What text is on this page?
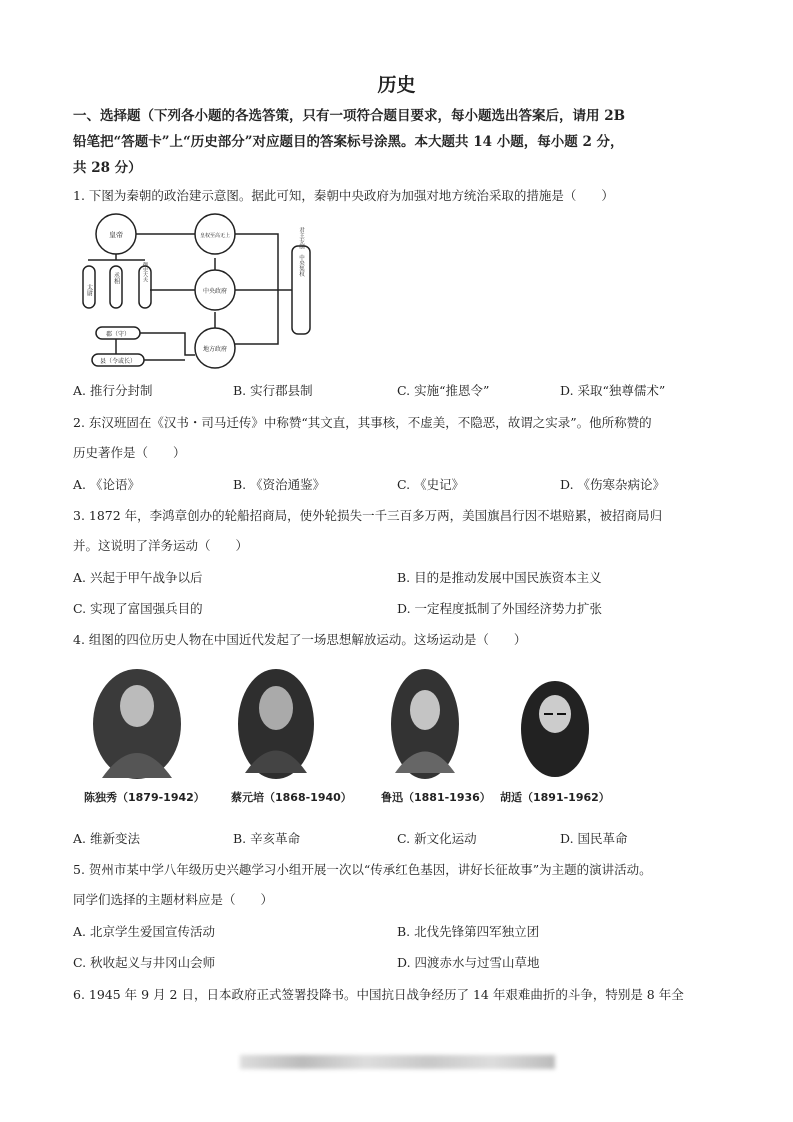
历史
一、选择题（下列各小题的各选答策，只有一项符合题目要求，每小题选出答案后，请用 2B
铅笔把“答题卡”上“历史部分”对应题目的答案标号涂黑。本大题共 14 小题，每小题 2 分，
共 28 分）
1. 下图为秦朝的政治建示意图。据此可知，秦朝中央政府为加强对地方统治采取的措施是（　　）
皇帝	皇权至高无上
中央政府
地方政府
郡（守）
县（令或长）
太尉
丞相	御史大夫	君主专制　中央集权
A. 推行分封制	B. 实行郡县制	C. 实施“推恩令”	D. 采取“独尊儒术”
2. 东汉班固在《汉书・司马迁传》中称赞“其文直，其事核，不虚美，不隐恶，故谓之实录”。他所称赞的
历史著作是（　　）
A. 《论语》	B. 《资治通鉴》	C. 《史记》	D. 《伤寒杂病论》
3. 1872 年，李鸿章创办的轮船招商局，使外轮损失一千三百多万两，美国旗昌行因不堪赔累，被招商局归
并。这说明了洋务运动（　　）
A. 兴起于甲午战争以后	B. 目的是推动发展中国民族资本主义
C. 实现了富国强兵目的	D. 一定程度抵制了外国经济势力扩张
4. 组图的四位历史人物在中国近代发起了一场思想解放运动。这场运动是（　　）
陈独秀（1879-1942） 蔡元培（1868-1940）	鲁迅（1881-1936） 胡适（1891-1962）
A. 维新变法	B. 辛亥革命	C. 新文化运动	D. 国民革命
5. 贺州市某中学八年级历史兴趣学习小组开展一次以“传承红色基因，讲好长征故事”为主题的演讲活动。
同学们选择的主题材料应是（　　）
A. 北京学生爱国宣传活动	B. 北伐先锋第四军独立团
C. 秋收起义与井冈山会师	D. 四渡赤水与过雪山草地
6. 1945 年 9 月 2 日，日本政府正式签署投降书。中国抗日战争经历了 14 年艰难曲折的斗争，特别是 8 年全
